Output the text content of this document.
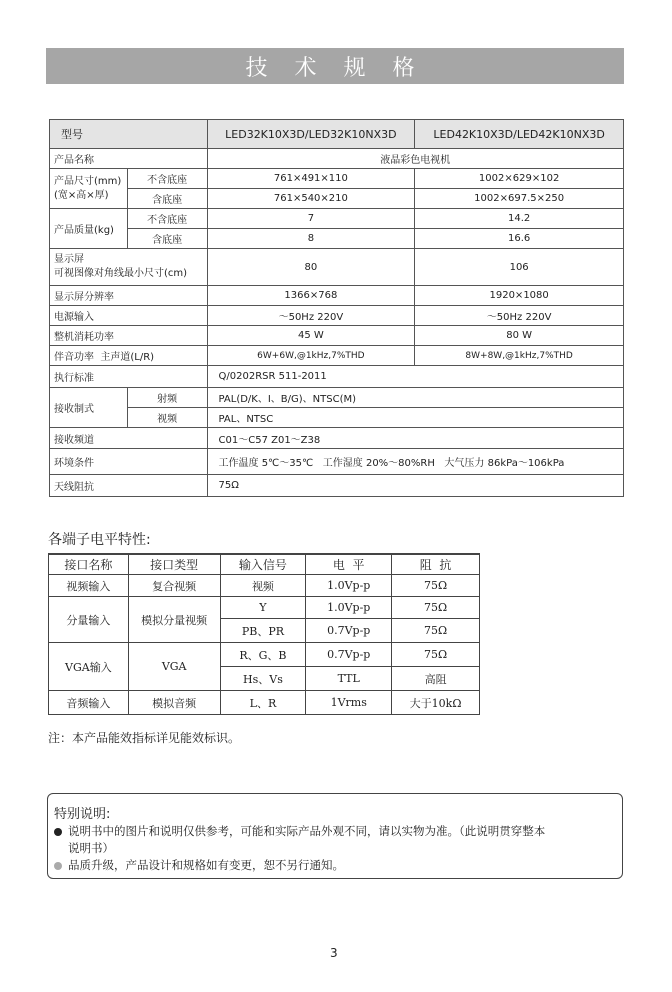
技 术 规 格
型号		LED32K10X3D/LED32K10NX3D	LED42K10X3D/LED42K10NX3D
产品名称		液晶彩色电视机	

产品尺寸(mm)
(宽×高×厚)	不含底座	761×491×110	1002×629×102
	含底座	761×540×210	1002×697.5×250
产品质量(kg)	不含底座	7	14.2
	含底座	8	16.6

显示屏
可视图像对角线最小尺寸(cm)		80	106
显示屏分辨率		1366×768	1920×1080
电源输入		～50Hz 220V	～50Hz 220V
整机消耗功率		45 W	80 W
伴音功率  主声道(L/R)		6W+6W,@1kHz,7%THD	8W+8W,@1kHz,7%THD
执行标准		Q/0202RSR 511-2011	
接收制式	射频	PAL(D/K、I、B/G)、NTSC(M)	
	视频	PAL、NTSC	
接收频道		C01～C57 Z01～Z38	
环境条件		工作温度 5℃～35℃   工作湿度 20%～80%RH   大气压力 86kPa～106kPa	
天线阻抗		75Ω	
各端子电平特性:
接口名称	接口类型	输入信号	电  平	阻  抗
视频输入	复合视频	视频	1.0Vp-p	75Ω
分量输入	模拟分量视频	Y	1.0Vp-p	75Ω
		PB、PR	0.7Vp-p	75Ω
VGA输入	VGA	R、G、B	0.7Vp-p	75Ω
		Hs、Vs	TTL	高阻
音频输入	模拟音频	L、R	1Vrms	大于10kΩ
注：本产品能效指标详见能效标识。
特别说明:
说明书中的图片和说明仅供参考，可能和实际产品外观不同，请以实物为准。（此说明贯穿整本
说明书）
品质升级，产品设计和规格如有变更，恕不另行通知。
3
